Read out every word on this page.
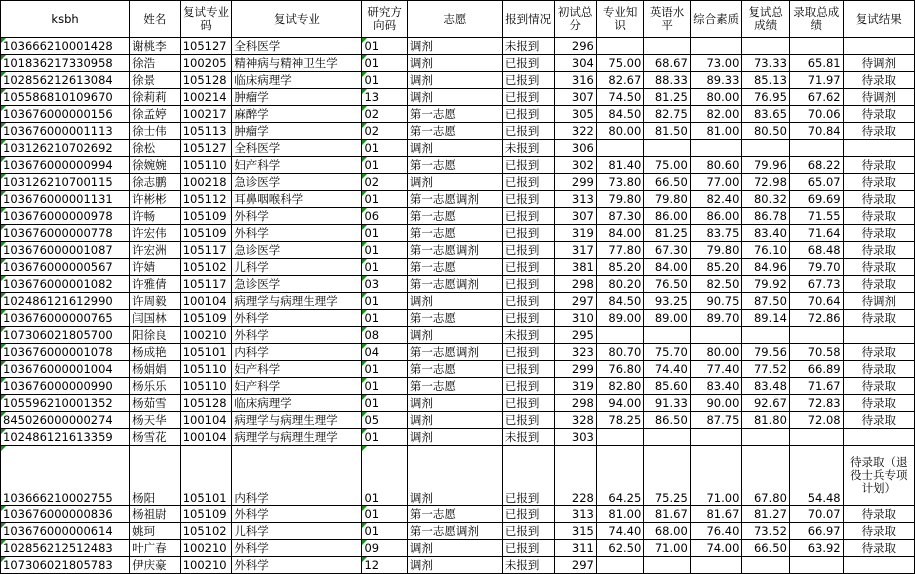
ksbh	姓名	复试专业码	复试专业	研究方向码	志愿	报到情况	初试总分	专业知识	英语水平	综合素质	复试总成绩	录取总成绩	复试结果
103666210001428	谢桃李	105127	全科医学	01	调剂	未报到	296						
101836217330958	徐浩	100205	精神病与精神卫生学	01	调剂	已报到	304	75.00	68.67	73.00	73.33	65.81	待调剂
102856212613084	徐景	105128	临床病理学	01	调剂	已报到	316	82.67	88.33	89.33	85.13	71.97	待录取
105586810109670	徐莉莉	100214	肿瘤学	13	调剂	已报到	307	74.50	81.25	80.00	76.95	67.62	待调剂
103676000000156	徐孟婷	100217	麻醉学	02	第一志愿	已报到	305	84.50	82.75	82.00	83.65	70.06	待录取
103676000001113	徐士伟	105113	肿瘤学	02	第一志愿	已报到	322	80.00	81.50	81.00	80.50	70.84	待录取
103126210702692	徐松	105127	全科医学	01	调剂	未报到	306						
103676000000994	徐婉婉	105110	妇产科学	01	第一志愿	已报到	302	81.40	75.00	80.60	79.96	68.22	待录取
103126210700115	徐志鹏	100218	急诊医学	02	调剂	已报到	299	73.80	66.50	77.00	72.98	65.07	待录取
103676000001131	许彬彬	105112	耳鼻咽喉科学	01	第一志愿调剂	已报到	313	79.80	79.80	82.40	80.32	69.69	待录取
103676000000978	许畅	105109	外科学	06	第一志愿	已报到	307	87.30	86.00	86.00	86.78	71.55	待录取
103676000000778	许宏伟	105109	外科学	01	第一志愿	已报到	319	84.00	81.25	83.75	83.40	71.64	待录取
103676000001087	许宏洲	105117	急诊医学	01	第一志愿调剂	已报到	317	77.80	67.30	79.80	76.10	68.48	待录取
103676000000567	许婧	105102	儿科学	01	第一志愿	已报到	381	85.20	84.00	85.20	84.96	79.70	待录取
103676000001082	许雅倩	105117	急诊医学	03	第一志愿调剂	已报到	298	80.20	76.50	82.50	79.92	67.73	待录取
102486121612990	许周毅	100104	病理学与病理生理学	01	调剂	已报到	297	84.50	93.25	90.75	87.50	70.64	待调剂
103676000000765	闫国林	105109	外科学	01	第一志愿	已报到	310	89.00	89.00	89.70	89.14	72.86	待录取
107306021805700	阳徐良	100210	外科学	08	调剂	未报到	295						
103676000001078	杨成艳	105101	内科学	04	第一志愿调剂	已报到	323	80.70	75.70	80.00	79.56	70.58	待录取
103676000001004	杨娟娟	105110	妇产科学	01	第一志愿	已报到	299	76.80	74.40	77.40	77.52	66.89	待录取
103676000000990	杨乐乐	105110	妇产科学	01	第一志愿	已报到	319	82.80	85.60	83.40	83.48	71.67	待录取
105596210001352	杨茹雪	105128	临床病理学	01	调剂	已报到	298	94.00	91.33	90.00	92.67	72.83	待录取
845026000000274	杨天华	100104	病理学与病理生理学	05	调剂	已报到	328	78.25	86.50	87.75	81.80	72.08	待录取
102486121613359	杨雪花	100104	病理学与病理生理学	01	调剂	未报到	303						
103666210002755	杨阳	105101	内科学	01	调剂	已报到	228	64.25	75.25	71.00	67.80	54.48	待录取（退役士兵专项计划）
103676000000836	杨祖尉	105109	外科学	01	第一志愿	已报到	313	81.00	81.67	81.67	81.27	70.07	待录取
103676000000614	姚珂	105102	儿科学	01	第一志愿调剂	已报到	315	74.40	68.00	76.40	73.52	66.97	待录取
102856212512483	叶广春	100210	外科学	09	调剂	已报到	311	62.50	71.00	74.00	66.50	63.92	待录取
107306021805783	伊庆豪	100210	外科学	12	调剂	未报到	297						
